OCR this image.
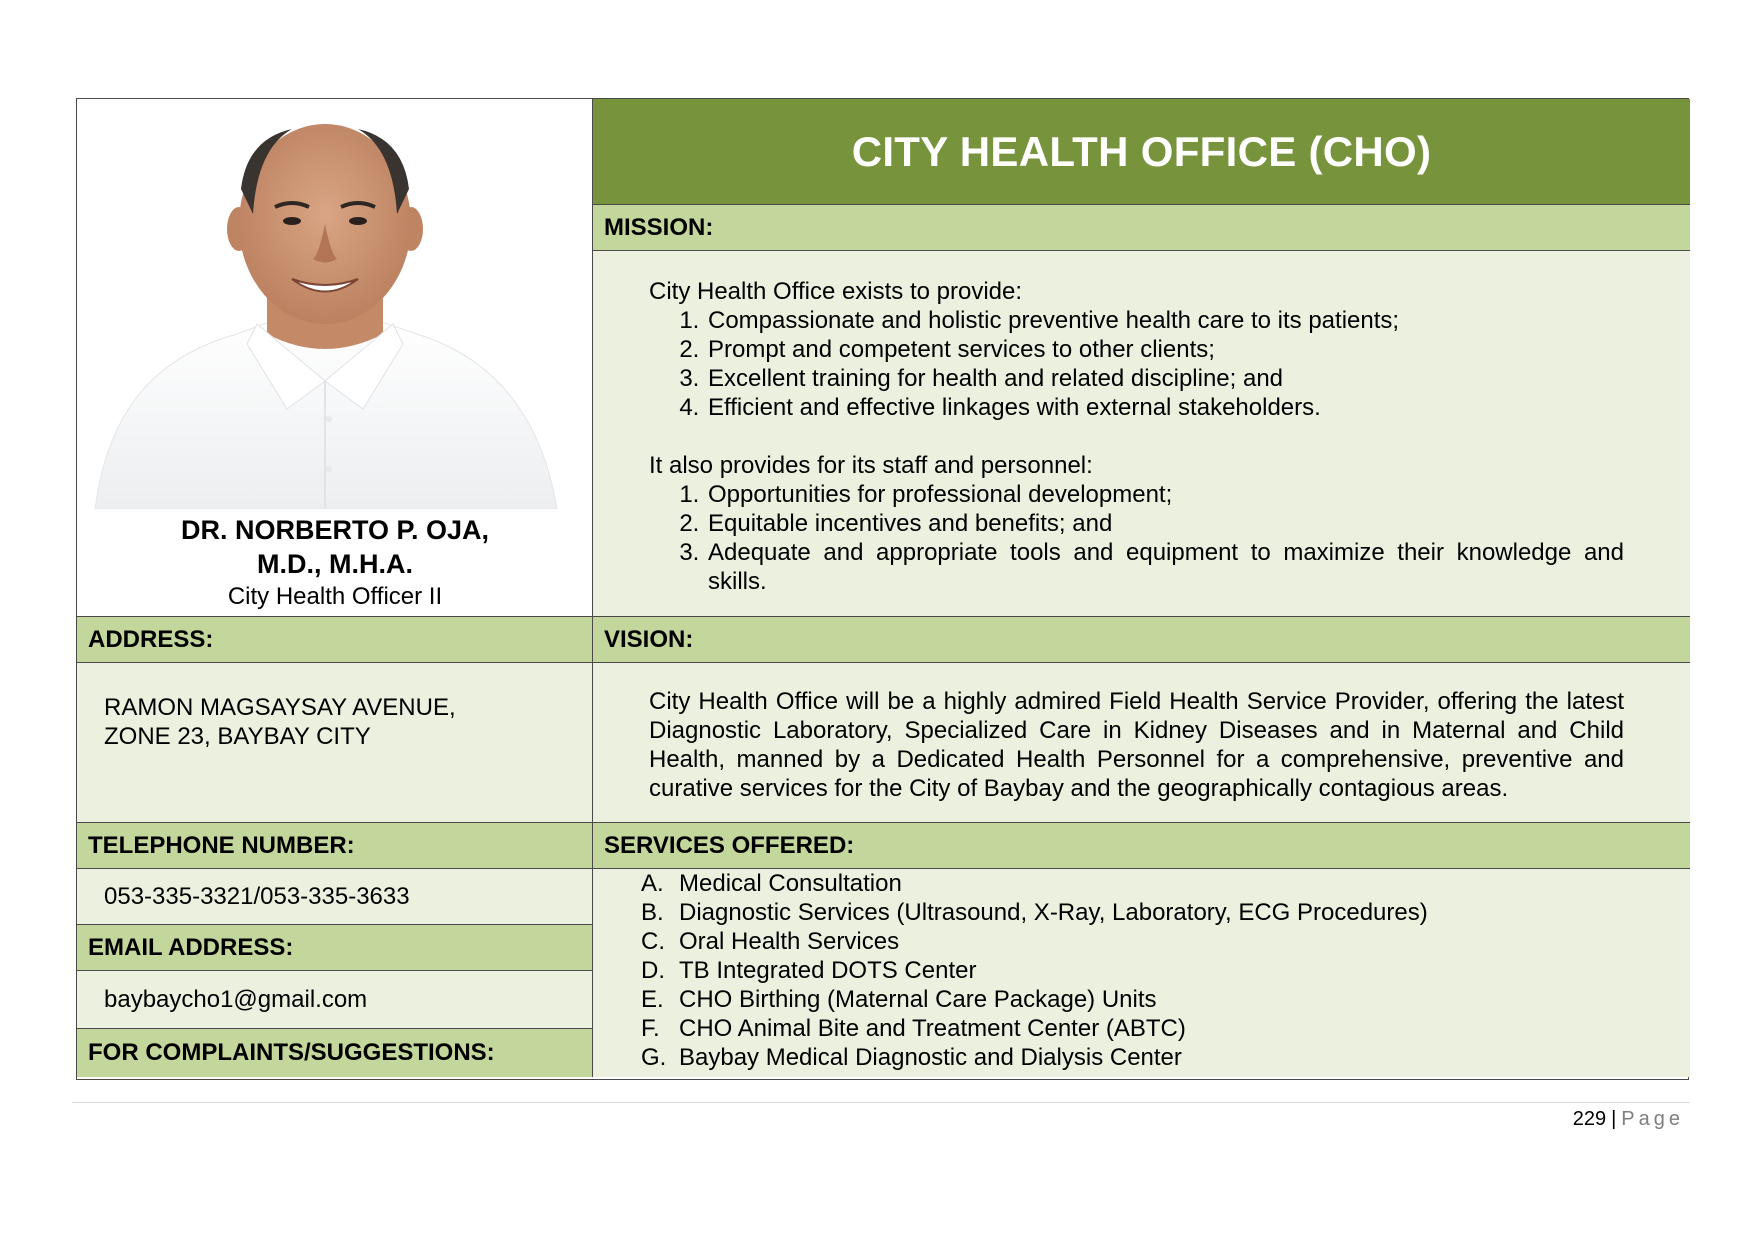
DR. NORBERTO P. OJA,
M.D., M.H.A.
City Health Officer II
CITY HEALTH OFFICE (CHO)
MISSION:

City Health Office exists to provide:

1. Compassionate and holistic preventive health care to its patients;
2. Prompt and competent services to other clients;
3. Excellent training for health and related discipline; and
4. Efficient and effective linkages with external stakeholders.

It also provides for its staff and personnel:

1. Opportunities for professional development;
2. Equitable incentives and benefits; and
3. Adequate and appropriate tools and equipment to maximize their knowledge and skills.
ADDRESS:	VISION:
RAMON MAGSAYSAY AVENUE,
ZONE 23, BAYBAY CITY
City Health Office will be a highly admired Field Health Service Provider, offering the latest Diagnostic Laboratory, Specialized Care in Kidney Diseases and in Maternal and Child Health, manned by a Dedicated Health Personnel for a comprehensive, preventive and curative services for the City of Baybay and the geographically contagious areas.
TELEPHONE NUMBER:	SERVICES OFFERED:
053-335-3321/053-335-3633
EMAIL ADDRESS:
baybaycho1@gmail.com
FOR COMPLAINTS/SUGGESTIONS:
A. Medical Consultation
B. Diagnostic Services (Ultrasound, X-Ray, Laboratory, ECG Procedures)
C. Oral Health Services
D. TB Integrated DOTS Center
E. CHO Birthing (Maternal Care Package) Units
F. CHO Animal Bite and Treatment Center (ABTC)
G. Baybay Medical Diagnostic and Dialysis Center
229 | Page
